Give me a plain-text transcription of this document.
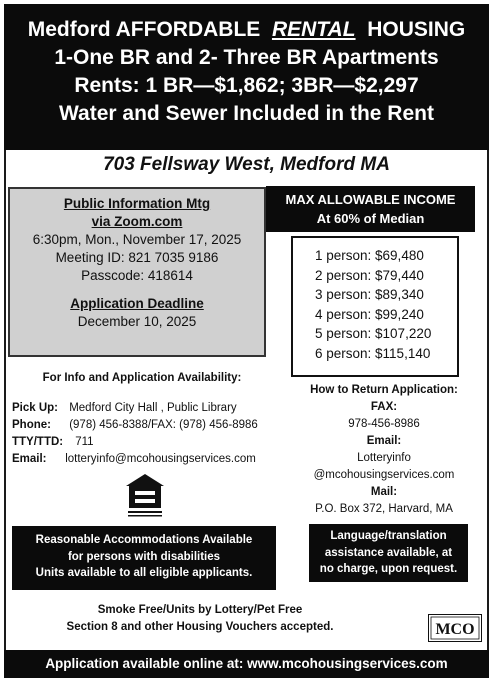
Medford AFFORDABLE RENTAL HOUSING
1-One BR and 2- Three BR Apartments
Rents: 1 BR—$1,862; 3BR—$2,297
Water and Sewer Included in the Rent
703 Fellsway West, Medford MA
Public Information Mtg
via Zoom.com
6:30pm, Mon., November 17, 2025
Meeting ID: 821 7035 9186
Passcode: 418614
Application Deadline
December 10, 2025
MAX ALLOWABLE INCOME
At 60% of Median
1 person: $69,480
2 person: $79,440
3 person: $89,340
4 person: $99,240
5 person: $107,220
6 person: $115,140
For Info and Application Availability:
Pick Up: Medford City Hall , Public Library
Phone: (978) 456-8388/FAX: (978) 456-8986
TTY/TTD: 711
Email: lotteryinfo@mcohousingservices.com
How to Return Application:
FAX:
978-456-8986
Email:
Lotteryinfo
@mcohousingservices.com
Mail:
P.O. Box 372, Harvard, MA
Reasonable Accommodations Available
for persons with disabilities
Units available to all eligible applicants.
Language/translation
assistance available, at
no charge, upon request.
Smoke Free/Units by Lottery/Pet Free
Section 8 and other Housing Vouchers accepted.	MCO
Application available online at: www.mcohousingservices.com
